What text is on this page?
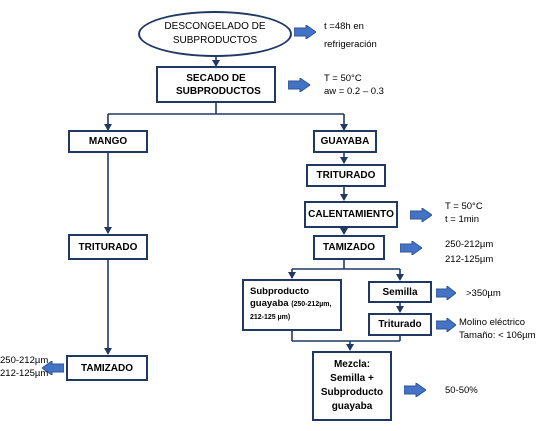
DESCONGELADO DE SUBPRODUCTOS
SECADO DE SUBPRODUCTOS
MANGO	GUAYABA
TRITURADO
CALENTAMIENTO
TAMIZADO
TRITURADO
TAMIZADO
Subproducto guayaba (250-212µm, 212-125 µm)
Semilla
Triturado
Mezcla: Semilla + Subproducto guayaba
t =48h en
refrigeración
T = 50°C
aw = 0.2 – 0.3
T = 50°C
t = 1min
250-212µm
212-125µm
>350µm
Molino eléctrico
Tamaño: < 106µm
250-212µm
212-125µm
50-50%
